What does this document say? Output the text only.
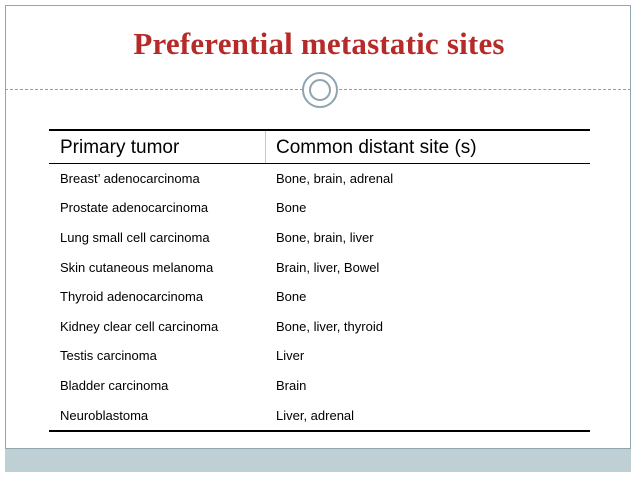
Preferential metastatic sites
Primary tumor	Common distant site (s)
Breast’ adenocarcinoma	Bone, brain, adrenal
Prostate adenocarcinoma	Bone
Lung small cell carcinoma	Bone, brain, liver
Skin cutaneous melanoma	Brain, liver, Bowel
Thyroid adenocarcinoma	Bone
Kidney clear cell carcinoma	Bone, liver, thyroid
Testis carcinoma	Liver
Bladder carcinoma	Brain
Neuroblastoma	Liver, adrenal
